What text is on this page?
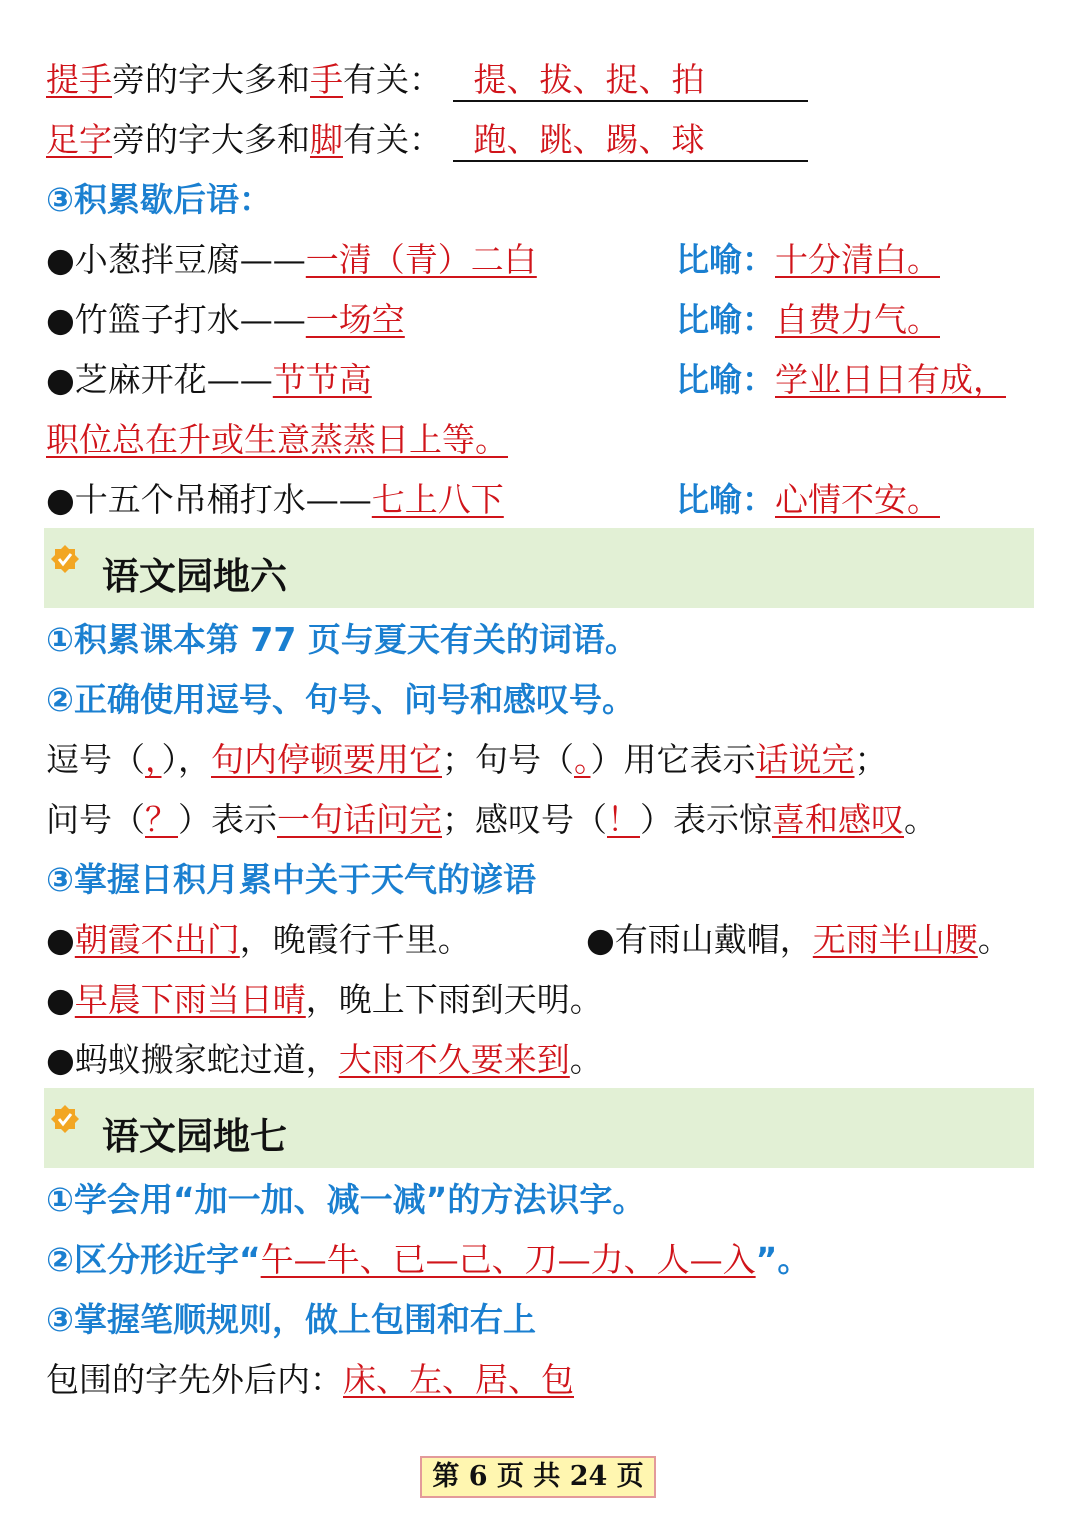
提手旁的字大多和手有关： 提、拔、捉、拍
足字旁的字大多和脚有关： 跑、跳、踢、球
③积累歇后语：
●小葱拌豆腐——一清（青）二白	比喻：十分清白。
●竹篮子打水——一场空	比喻：自费力气。
●芝麻开花——节节高	比喻：学业日日有成，
职位总在升或生意蒸蒸日上等。
●十五个吊桶打水——七上八下	比喻：心情不安。
语文园地六
①积累课本第 77 页与夏天有关的词语。
②正确使用逗号、句号、问号和感叹号。
逗号（，），句内停顿要用它；句号（。）用它表示话说完；
问号（？）表示一句话问完；感叹号（！）表示惊喜和感叹。
③掌握日积月累中关于天气的谚语
●朝霞不出门，晚霞行千里。	●有雨山戴帽，无雨半山腰。
●早晨下雨当日晴，晚上下雨到天明。
●蚂蚁搬家蛇过道，大雨不久要来到。
语文园地七
①学会用“加一加、减一减”的方法识字。
②区分形近字“午—牛、已—己、刀—力、人—入”。
③掌握笔顺规则，做上包围和右上
包围的字先外后内：床、左、居、包
第 6 页 共 24 页
